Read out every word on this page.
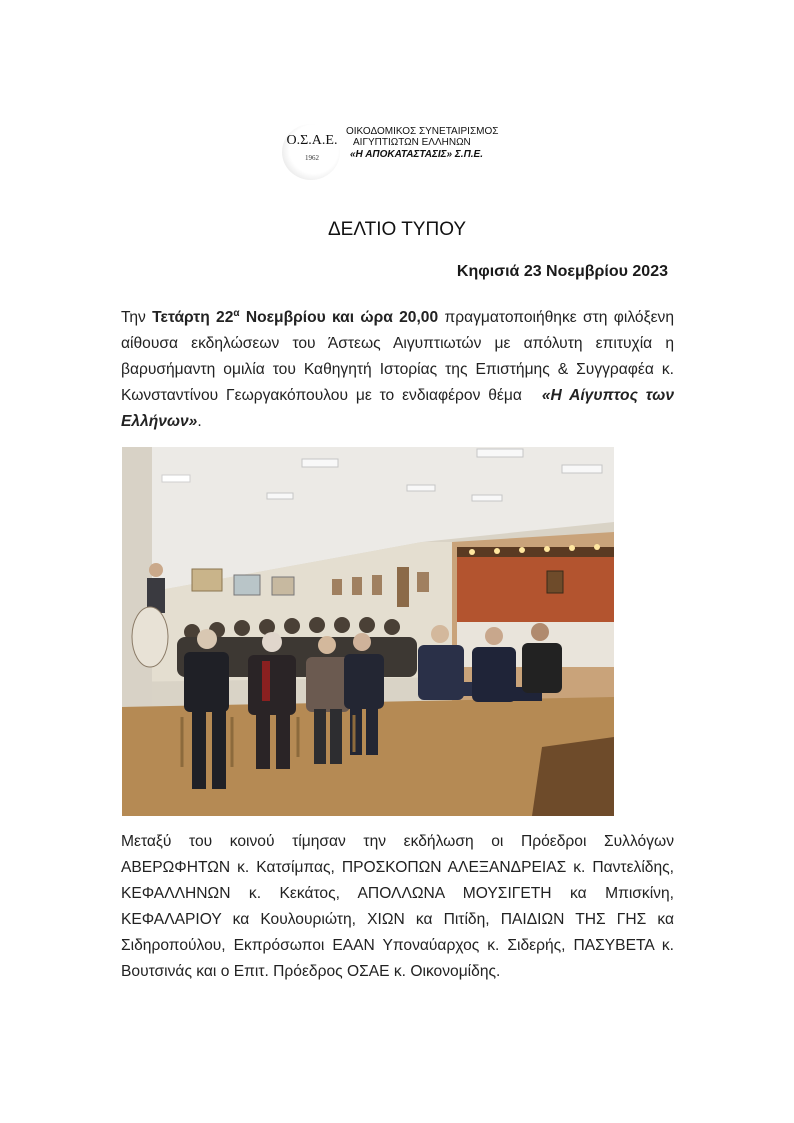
Ο.Σ.Α.Ε.
1962
ΟΙΚΟΔΟΜΙΚΟΣ ΣΥΝΕΤΑΙΡΙΣΜΟΣ
ΑΙΓΥΠΤΙΩΤΩΝ ΕΛΛΗΝΩΝ
«Η ΑΠΟΚΑΤΑΣΤΑΣΙΣ» Σ.Π.Ε.
ΔΕΛΤΙΟ ΤΥΠΟΥ
Κηφισιά 23 Νοεμβρίου 2023
Την Τετάρτη $22^\alpha$ Νοεμβρίου και ώρα 20,00 πραγματοποιήθηκε στη φιλόξενη αίθουσα εκδηλώσεων του Άστεως Αιγυπτιωτών με απόλυτη επιτυχία η βαρυσήμαντη ομιλία του Καθηγητή Ιστορίας της Επιστήμης & Συγγραφέα κ. Κωνσταντίνου Γεωργακόπουλου με το ενδιαφέρον θέμα «Η Αίγυπτος των Ελλήνων».
Μεταξύ του κοινού τίμησαν την εκδήλωση οι Πρόεδροι Συλλόγων ΑΒΕΡΩΦΗΤΩΝ κ. Κατσίμπας, ΠΡΟΣΚΟΠΩΝ ΑΛΕΞΑΝΔΡΕΙΑΣ κ. Παντελίδης, ΚΕΦΑΛΛΗΝΩΝ κ. Κεκάτος, ΑΠΟΛΛΩΝΑ ΜΟΥΣΙΓΕΤΗ κα Μπισκίνη, ΚΕΦΑΛΑΡΙΟΥ κα Κουλουριώτη, ΧΙΩΝ κα Πιτίδη, ΠΑΙΔΙΩΝ ΤΗΣ ΓΗΣ κα Σιδηροπούλου, Εκπρόσωποι ΕΑΑΝ Υποναύαρχος κ. Σιδερής, ΠΑΣΥΒΕΤΑ κ. Βουτσινάς και ο Επιτ. Πρόεδρος ΟΣΑΕ κ. Οικονομίδης.
